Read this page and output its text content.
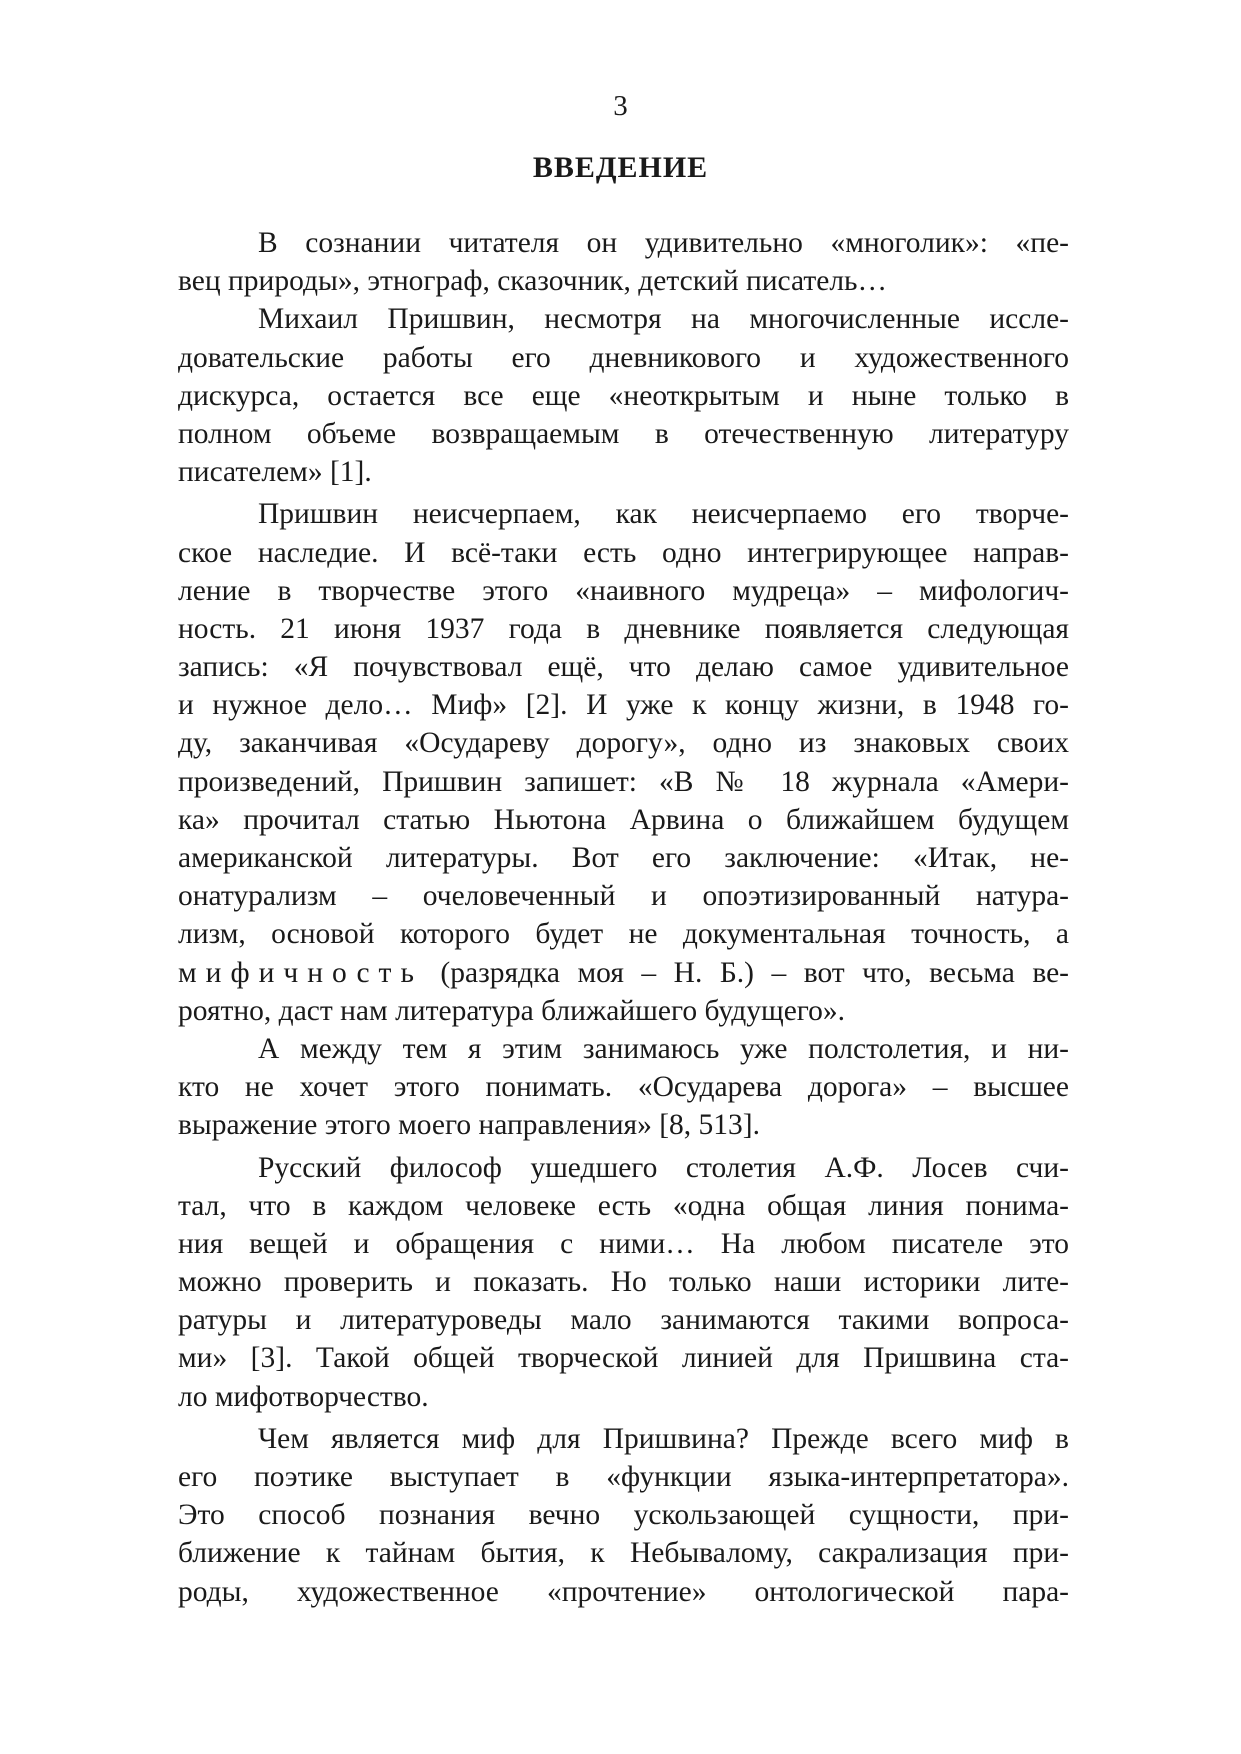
3
ВВЕДЕНИЕ
В сознании читателя он удивительно «многолик»: «пе-
вец природы», этнограф, сказочник, детский писатель…
Михаил Пришвин, несмотря на многочисленные иссле-
довательские работы его дневникового и художественного
дискурса, остается все еще «неоткрытым и ныне только в
полном объеме возвращаемым в отечественную литературу
писателем» [1].
Пришвин неисчерпаем, как неисчерпаемо его творче-
ское наследие. И всё-таки есть одно интегрирующее направ-
ление в творчестве этого «наивного мудреца» – мифологич-
ность. 21 июня 1937 года в дневнике появляется следующая
запись: «Я почувствовал ещё, что делаю самое удивительное
и нужное дело… Миф» [2]. И уже к концу жизни, в 1948 го-
ду, заканчивая «Осудареву дорогу», одно из знаковых своих
произведений, Пришвин запишет: «В № 18 журнала «Амери-
ка» прочитал статью Ньютона Арвина о ближайшем будущем
американской литературы. Вот его заключение: «Итак, не-
онатурализм – очеловеченный и опоэтизированный натура-
лизм, основой которого будет не документальная точность, а
мифичность (разрядка моя – Н. Б.) – вот что, весьма ве-
роятно, даст нам литература ближайшего будущего».
А между тем я этим занимаюсь уже полстолетия, и ни-
кто не хочет этого понимать. «Осударева дорога» – высшее
выражение этого моего направления» [8, 513].
Русский философ ушедшего столетия А.Ф. Лосев счи-
тал, что в каждом человеке есть «одна общая линия понима-
ния вещей и обращения с ними… На любом писателе это
можно проверить и показать. Но только наши историки лите-
ратуры и литературоведы мало занимаются такими вопроса-
ми» [3]. Такой общей творческой линией для Пришвина ста-
ло мифотворчество.
Чем является миф для Пришвина? Прежде всего миф в
его поэтике выступает в «функции языка-интерпретатора».
Это способ познания вечно ускользающей сущности, при-
ближение к тайнам бытия, к Небывалому, сакрализация при-
роды, художественное «прочтение» онтологической пара-
